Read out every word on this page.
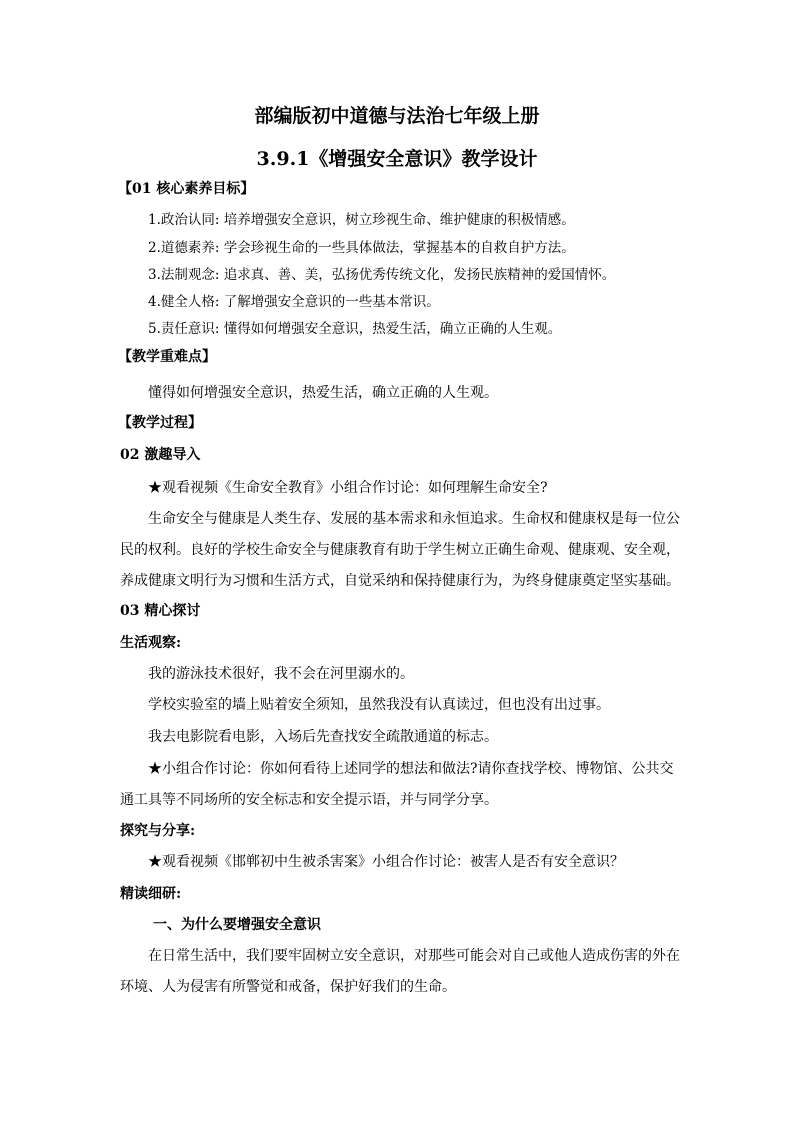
部编版初中道德与法治七年级上册
3.9.1《增强安全意识》教学设计
【01 核心素养目标】
1.政治认同: 培养增强安全意识，树立珍视生命、维护健康的积极情感。
2.道德素养: 学会珍视生命的一些具体做法，掌握基本的自救自护方法。
3.法制观念: 追求真、善、美，弘扬优秀传统文化，发扬民族精神的爱国情怀。
4.健全人格: 了解增强安全意识的一些基本常识。
5.责任意识: 懂得如何增强安全意识，热爱生活，确立正确的人生观。
【教学重难点】
懂得如何增强安全意识，热爱生活，确立正确的人生观。
【教学过程】
02 激趣导入
★观看视频《生命安全教育》小组合作讨论：如何理解生命安全?
生命安全与健康是人类生存、发展的基本需求和永恒追求。生命权和健康权是每一位公
民的权利。良好的学校生命安全与健康教育有助于学生树立正确生命观、健康观、安全观，
养成健康文明行为习惯和生活方式，自觉采纳和保持健康行为，为终身健康奠定坚实基础。
03 精心探讨
生活观察:
我的游泳技术很好，我不会在河里溺水的。
学校实验室的墙上贴着安全须知，虽然我没有认真读过，但也没有出过事。
我去电影院看电影，入场后先查找安全疏散通道的标志。
★小组合作讨论：你如何看待上述同学的想法和做法?请你查找学校、博物馆、公共交
通工具等不同场所的安全标志和安全提示语，并与同学分享。
探究与分享:
★观看视频《邯郸初中生被杀害案》小组合作讨论：被害人是否有安全意识？
精读细研:
一、为什么要增强安全意识
在日常生活中，我们要牢固树立安全意识，对那些可能会对自己或他人造成伤害的外在
环境、人为侵害有所警觉和戒备，保护好我们的生命。
